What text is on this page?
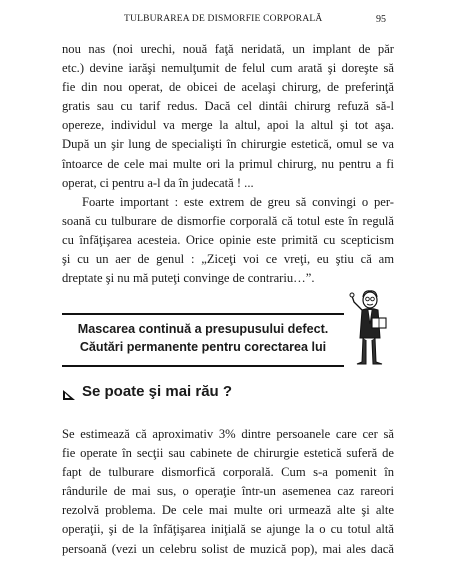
TULBURAREA DE DISMORFIE CORPORALĂ	95
nou nas (noi urechi, nouă faţă neridată, un implant de păr
etc.) devine iarăşi nemulţumit de felul cum arată şi doreşte să
fie din nou operat, de obicei de acelaşi chirurg, de preferinţă
gratis sau cu tarif redus. Dacă cel dintâi chirurg refuză să-l
opereze, individul va merge la altul, apoi la altul şi tot aşa.
După un şir lung de specialişti în chirurgie estetică, omul se va
întoarce de cele mai multe ori la primul chirurg, nu pentru a fi
operat, ci pentru a-l da în judecată ! ...
Foarte important : este extrem de greu să convingi o per-
soană cu tulburare de dismorfie corporală că totul este în regulă
cu înfăţişarea acesteia. Orice opinie este primită cu scepticism
şi cu un aer de genul : „Ziceţi voi ce vreţi, eu ştiu că am
dreptate şi nu mă puteţi convinge de contrariu…”.
Mascarea continuă a presupusului defect.
Căutări permanente pentru corectarea lui
Se poate şi mai rău ?
Se estimează că aproximativ 3% dintre persoanele care cer să
fie operate în secţii sau cabinete de chirurgie estetică suferă de
fapt de tulburare dismorfică corporală. Cum s-a pomenit în
rândurile de mai sus, o operaţie într-un asemenea caz rareori
rezolvă problema. De cele mai multe ori urmează alte şi alte
operaţii, şi de la înfăţişarea iniţială se ajunge la o cu totul altă
persoană (vezi un celebru solist de muzică pop), mai ales dacă
